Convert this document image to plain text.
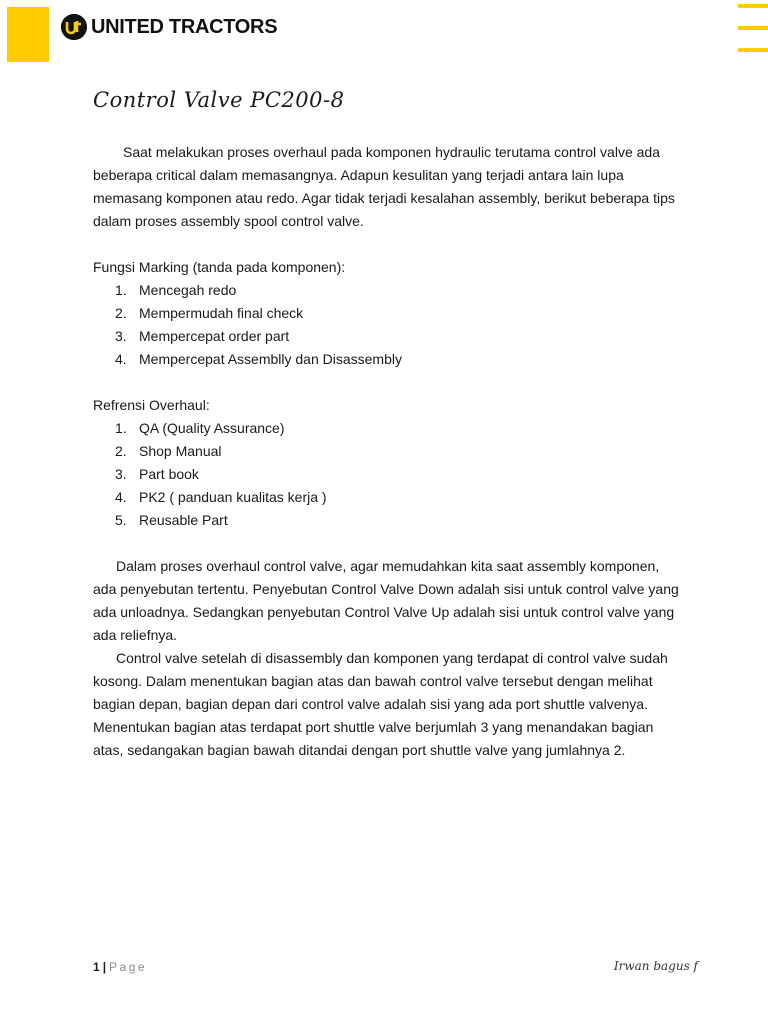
UNITED TRACTORS
Control Valve PC200-8

Saat melakukan proses overhaul pada komponen hydraulic terutama control valve ada beberapa critical dalam memasangnya. Adapun kesulitan yang terjadi antara lain lupa memasang komponen atau redo. Agar tidak terjadi kesalahan assembly, berikut beberapa tips dalam proses assembly spool control valve.

Fungsi Marking (tanda pada komponen):

1. Mencegah redo
2. Mempermudah final check
3. Mempercepat order part
4. Mempercepat Assemblly dan Disassembly

Refrensi Overhaul:

1. QA (Quality Assurance)
2. Shop Manual
3. Part book
4. PK2 ( panduan kualitas kerja )
5. Reusable Part

Dalam proses overhaul control valve, agar memudahkan kita saat assembly komponen, ada penyebutan tertentu. Penyebutan Control Valve Down adalah sisi untuk control valve yang ada unloadnya. Sedangkan penyebutan Control Valve Up adalah sisi untuk control valve yang ada reliefnya.

Control valve setelah di disassembly dan komponen yang terdapat di control valve sudah kosong. Dalam menentukan bagian atas dan bawah control valve tersebut dengan melihat bagian depan, bagian depan dari control valve adalah sisi yang ada port shuttle valvenya. Menentukan bagian atas terdapat port shuttle valve berjumlah 3 yang menandakan bagian atas, sedangakan bagian bawah ditandai dengan port shuttle valve yang jumlahnya 2.

1 | Page	Irwan bagus f
